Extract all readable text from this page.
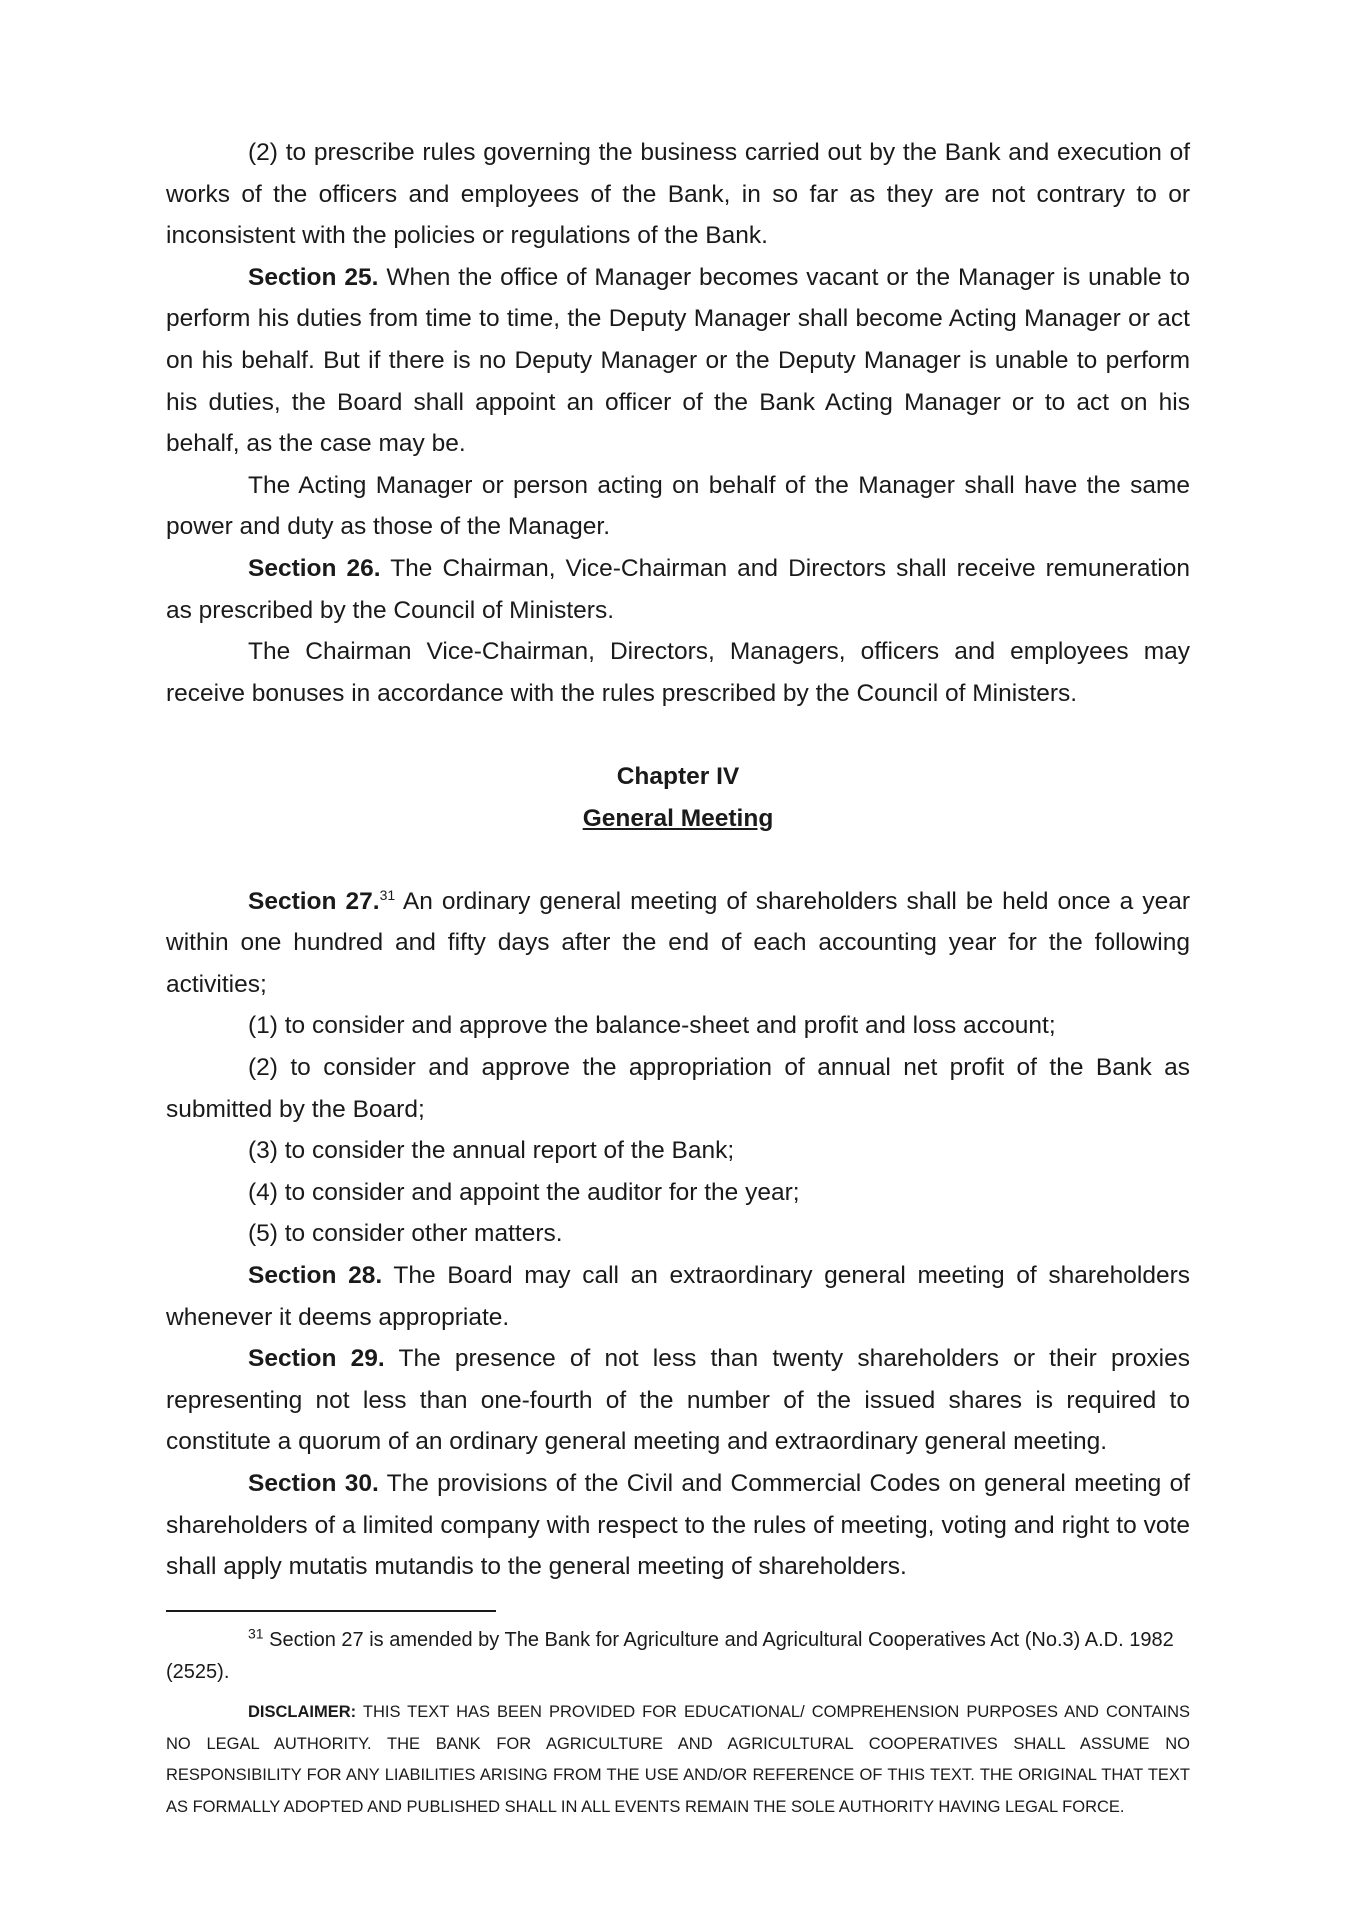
(2) to prescribe rules governing the business carried out by the Bank and execution of works of the officers and employees of the Bank, in so far as they are not contrary to or inconsistent with the policies or regulations of the Bank.

Section 25. When the office of Manager becomes vacant or the Manager is unable to perform his duties from time to time, the Deputy Manager shall become Acting Manager or act on his behalf. But if there is no Deputy Manager or the Deputy Manager is unable to perform his duties, the Board shall appoint an officer of the Bank Acting Manager or to act on his behalf, as the case may be.

The Acting Manager or person acting on behalf of the Manager shall have the same power and duty as those of the Manager.

Section 26. The Chairman, Vice-Chairman and Directors shall receive remuneration as prescribed by the Council of Ministers.

The Chairman Vice-Chairman, Directors, Managers, officers and employees may receive bonuses in accordance with the rules prescribed by the Council of Ministers.

Chapter IV

General Meeting

Section 27.31 An ordinary general meeting of shareholders shall be held once a year within one hundred and fifty days after the end of each accounting year for the following activities;

(1) to consider and approve the balance-sheet and profit and loss account;

(2) to consider and approve the appropriation of annual net profit of the Bank as submitted by the Board;

(3) to consider the annual report of the Bank;

(4) to consider and appoint the auditor for the year;

(5) to consider other matters.

Section 28. The Board may call an extraordinary general meeting of shareholders whenever it deems appropriate.

Section 29. The presence of not less than twenty shareholders or their proxies representing not less than one-fourth of the number of the issued shares is required to constitute a quorum of an ordinary general meeting and extraordinary general meeting.

Section 30. The provisions of the Civil and Commercial Codes on general meeting of shareholders of a limited company with respect to the rules of meeting, voting and right to vote shall apply mutatis mutandis to the general meeting of shareholders.

$^{31}$ Section 27 is amended by The Bank for Agriculture and Agricultural Cooperatives Act (No.3) A.D. 1982 (2525).

DISCLAIMER: THIS TEXT HAS BEEN PROVIDED FOR EDUCATIONAL/ COMPREHENSION PURPOSES AND CONTAINS NO LEGAL AUTHORITY. THE BANK FOR AGRICULTURE AND AGRICULTURAL COOPERATIVES SHALL ASSUME NO RESPONSIBILITY FOR ANY LIABILITIES ARISING FROM THE USE AND/OR REFERENCE OF THIS TEXT. THE ORIGINAL THAT TEXT AS FORMALLY ADOPTED AND PUBLISHED SHALL IN ALL EVENTS REMAIN THE SOLE AUTHORITY HAVING LEGAL FORCE.
